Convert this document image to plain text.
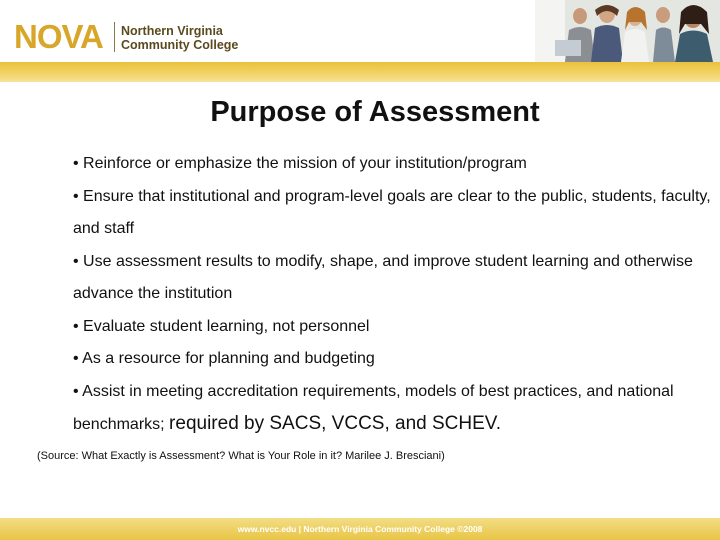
NOVA Northern Virginia
Community College
Purpose of Assessment
• Reinforce or emphasize the mission of your institution/program
• Ensure that institutional and program-level goals are clear to the public, students, faculty, and staff
• Use assessment results to modify, shape, and improve student learning and otherwise advance the institution
• Evaluate student learning, not personnel
• As a resource for planning and budgeting
• Assist in meeting accreditation requirements, models of best practices, and national benchmarks; required by SACS, VCCS, and SCHEV.
(Source: What Exactly is Assessment? What is Your Role in it? Marilee J. Bresciani)
www.nvcc.edu | Northern Virginia Community College ©2008
